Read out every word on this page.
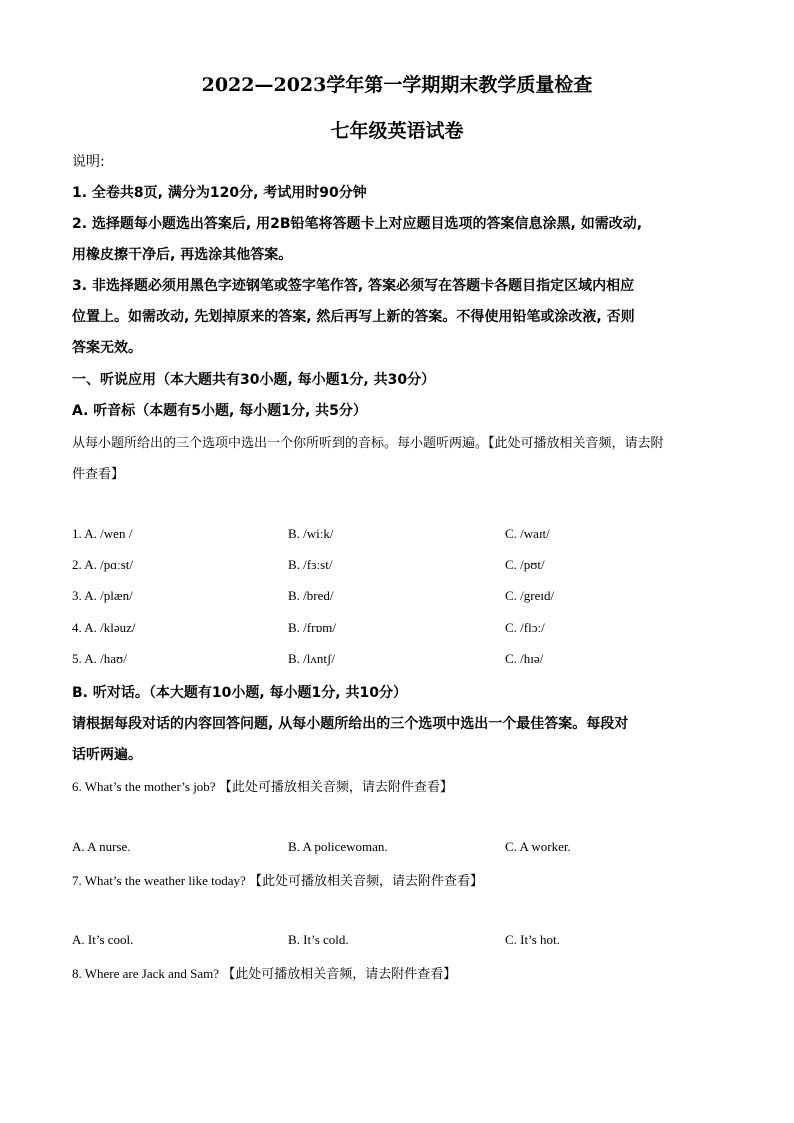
2022—2023学年第一学期期末教学质量检查
七年级英语试卷
说明:
1. 全卷共8页, 满分为120分, 考试用时90分钟
2. 选择题每小题选出答案后, 用2B铅笔将答题卡上对应题目选项的答案信息涂黑, 如需改动,
用橡皮擦干净后, 再选涂其他答案。
3. 非选择题必须用黑色字迹钢笔或签字笔作答, 答案必须写在答题卡各题目指定区域内相应
位置上。如需改动, 先划掉原来的答案, 然后再写上新的答案。不得使用铅笔或涂改液, 否则
答案无效。
一、听说应用（本大题共有30小题, 每小题1分, 共30分）
A. 听音标（本题有5小题, 每小题1分, 共5分）
从每小题所给出的三个选项中选出一个你所听到的音标。每小题听两遍。【此处可播放相关音频，请去附
件查看】
1. A. /wen /	B. /wiːk/	C. /waɪt/
2. A. /pɑːst/	B. /fɜːst/	C. /pʊt/
3. A. /plæn/	B. /bred/	C. /greɪd/
4. A. /kləuz/	B. /frɒm/	C. /flɔː/
5. A. /haʊ/	B. /lʌntʃ/	C. /hɪə/
B. 听对话。（本大题有10小题, 每小题1分, 共10分）
请根据每段对话的内容回答问题, 从每小题所给出的三个选项中选出一个最佳答案。每段对
话听两遍。
6. What’s the mother’s job? 【此处可播放相关音频，请去附件查看】
A. A nurse.	B. A policewoman.	C. A worker.
7. What’s the weather like today? 【此处可播放相关音频，请去附件查看】
A. It’s cool.	B. It’s cold.	C. It’s hot.
8. Where are Jack and Sam? 【此处可播放相关音频，请去附件查看】
